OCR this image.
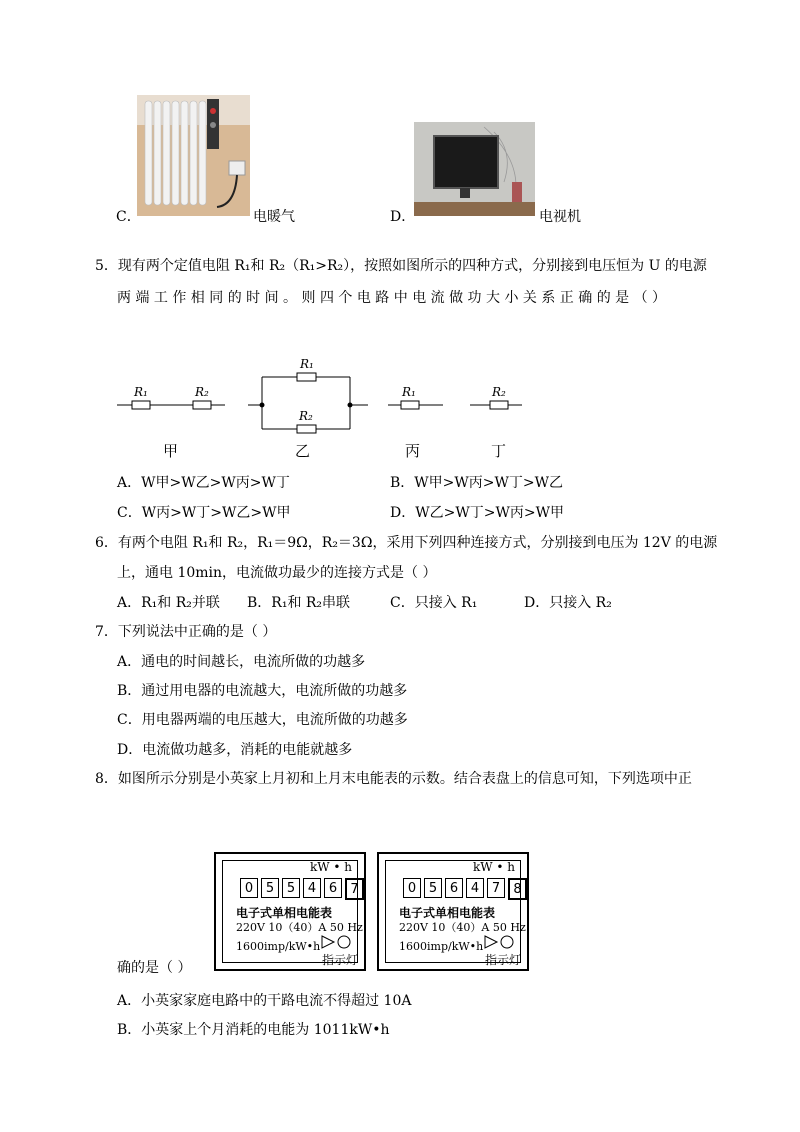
C．	电暖气	D．	电视机
5．现有两个定值电阻 R₁和 R₂（R₁>R₂），按照如图所示的四种方式，分别接到电压恒为 U 的电源
两 端 工 作 相 同 的 时 间 。 则 四 个 电 路 中 电 流 做 功 大 小 关 系 正 确 的 是 （ ）
R₁	R₂
R₁
R₂
R₁	R₂
甲	乙	丙	丁
A．W甲>W乙>W丙>W丁	B．W甲>W丙>W丁>W乙
C．W丙>W丁>W乙>W甲	D．W乙>W丁>W丙>W甲
6．有两个电阻 R₁和 R₂，R₁＝9Ω，R₂＝3Ω，采用下列四种连接方式，分别接到电压为 12V 的电源
上，通电 10min，电流做功最少的连接方式是（ ）
A．R₁和 R₂并联 B．R₁和 R₂串联	C．只接入 R₁	D．只接入 R₂
7．下列说法中正确的是（ ）
A．通电的时间越长，电流所做的功越多
B．通过用电器的电流越大，电流所做的功越多
C．用电器两端的电压越大，电流所做的功越多
D．电流做功越多，消耗的电能就越多
8．如图所示分别是小英家上月初和上月末电能表的示数。结合表盘上的信息可知，下列选项中正
kW • h
0 5 5 4 6	7
电子式单相电能表
220V 10（40）A 50 Hz
1600imp/kW•h
指示灯
kW • h
0 5 6 4 7	8
电子式单相电能表
220V 10（40）A 50 Hz
1600imp/kW•h
指示灯
确的是（ ）
A．小英家家庭电路中的干路电流不得超过 10A
B．小英家上个月消耗的电能为 1011kW•h
